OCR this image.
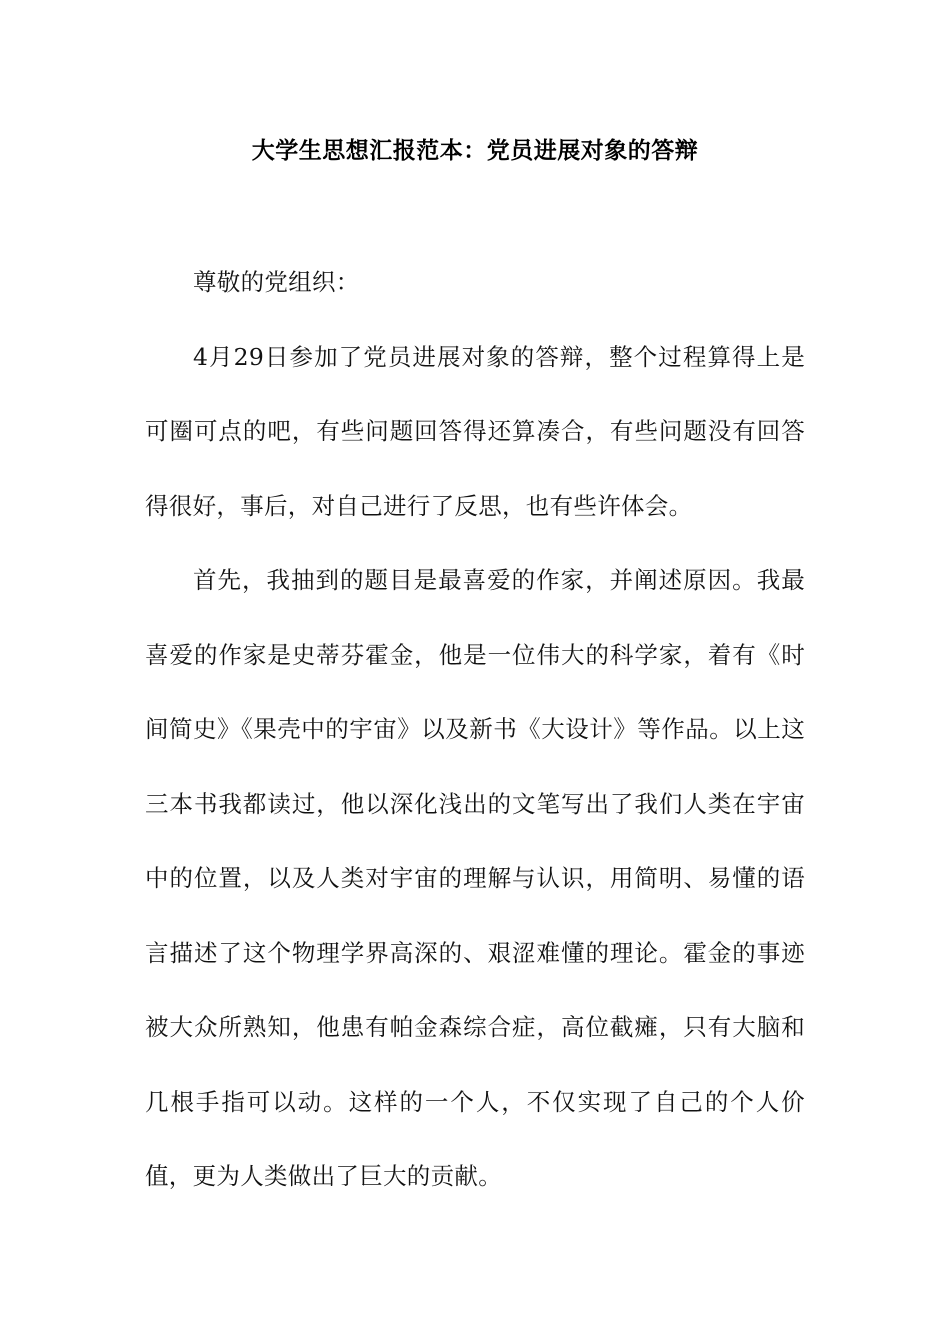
大学生思想汇报范本：党员进展对象的答辩

尊敬的党组织：

4月29日参加了党员进展对象的答辩，整个过程算得上是可圈可点的吧，有些问题回答得还算凑合，有些问题没有回答得很好，事后，对自己进行了反思，也有些许体会。

首先，我抽到的题目是最喜爱的作家，并阐述原因。我最喜爱的作家是史蒂芬霍金，他是一位伟大的科学家，着有《时间简史》《果壳中的宇宙》以及新书《大设计》等作品。以上这三本书我都读过，他以深化浅出的文笔写出了我们人类在宇宙中的位置，以及人类对宇宙的理解与认识，用简明、易懂的语言描述了这个物理学界高深的、艰涩难懂的理论。霍金的事迹被大众所熟知，他患有帕金森综合症，高位截瘫，只有大脑和几根手指可以动。这样的一个人，不仅实现了自己的个人价值，更为人类做出了巨大的贡献。
